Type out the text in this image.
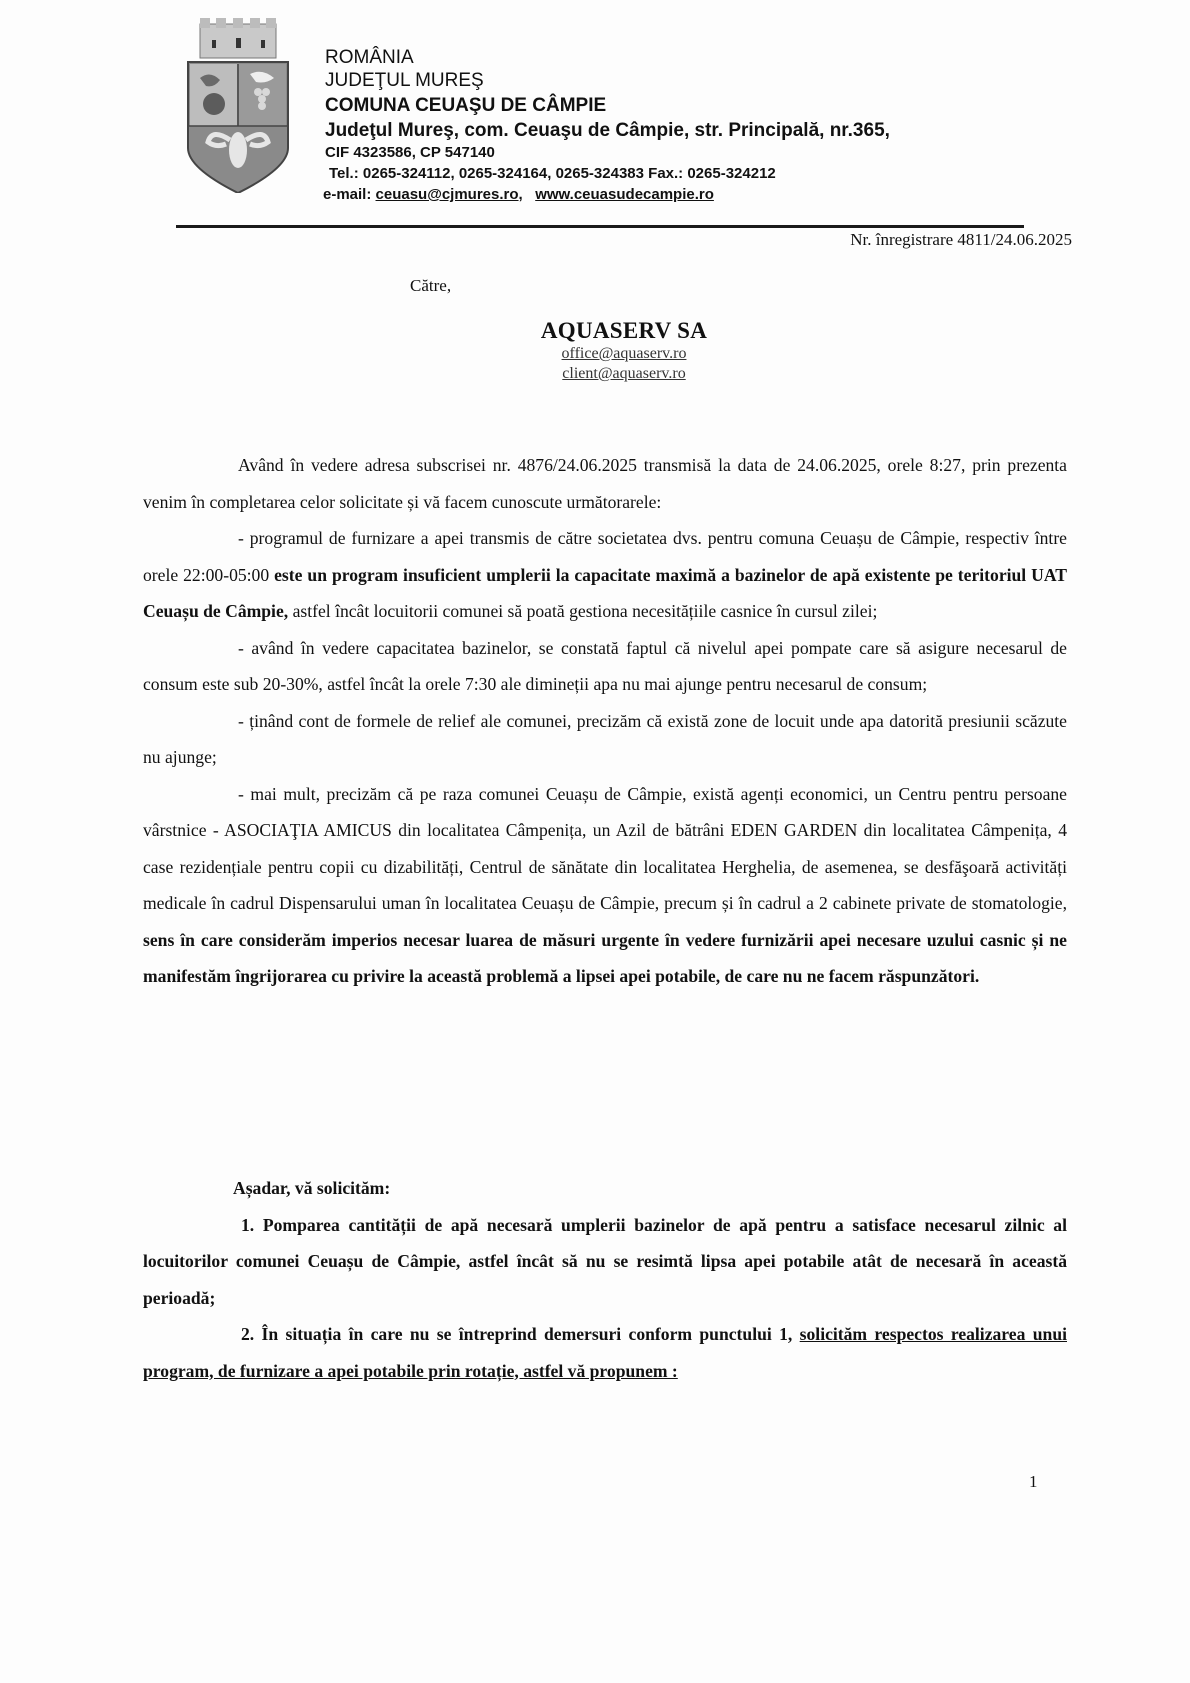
ROMÂNIA
JUDEŢUL MUREŞ
COMUNA CEUAŞU DE CÂMPIE
Judeţul Mureş, com. Ceuaşu de Câmpie, str. Principală, nr.365,
CIF 4323586, CP 547140
Tel.: 0265-324112, 0265-324164, 0265-324383 Fax.: 0265-324212
e-mail: ceuasu@cjmures.ro,   www.ceuasudecampie.ro
Nr. înregistrare 4811/24.06.2025
Către,
AQUASERV SA
office@aquaserv.ro
client@aquaserv.ro

Având în vedere adresa subscrisei nr. 4876/24.06.2025 transmisă la data de 24.06.2025, orele 8:27, prin prezenta venim în completarea celor solicitate și vă facem cunoscute următorarele:

- programul de furnizare a apei transmis de către societatea dvs. pentru comuna Ceuașu de Câmpie, respectiv între orele 22:00-05:00 este un program insuficient umplerii la capacitate maximă a bazinelor de apă existente pe teritoriul UAT Ceuașu de Câmpie, astfel încât locuitorii comunei să poată gestiona necesitățiile casnice în cursul zilei;

- având în vedere capacitatea bazinelor, se constată faptul că nivelul apei pompate care să asigure necesarul de consum este sub 20-30%, astfel încât la orele 7:30 ale dimineții apa nu mai ajunge pentru necesarul de consum;

- ținând cont de formele de relief ale comunei, precizăm că există zone de locuit unde apa datorită presiunii scăzute nu ajunge;

- mai mult, precizăm că pe raza comunei Ceuașu de Câmpie, există agenți economici, un Centru pentru persoane vârstnice - ASOCIAŢIA AMICUS din localitatea Câmpenița, un Azil de bătrâni EDEN GARDEN din localitatea Câmpenița, 4 case rezidențiale pentru copii cu dizabilități, Centrul de sănătate din localitatea Herghelia, de asemenea, se desfăşoară activități medicale în cadrul Dispensarului uman în localitatea Ceuașu de Câmpie, precum și în cadrul a 2 cabinete private de stomatologie, sens în care considerăm imperios necesar luarea de măsuri urgente în vedere furnizării apei necesare uzului casnic și ne manifestăm îngrijorarea cu privire la această problemă a lipsei apei potabile, de care nu ne facem răspunzători.

Așadar, vă solicităm:

1. Pomparea cantității de apă necesară umplerii bazinelor de apă pentru a satisface necesarul zilnic al locuitorilor comunei Ceuașu de Câmpie, astfel încât să nu se resimtă lipsa apei potabile atât de necesară în această perioadă;

2. În situația în care nu se întreprind demersuri conform punctului 1, solicităm respectos realizarea unui program, de furnizare a apei potabile prin rotație, astfel vă propunem :

1
